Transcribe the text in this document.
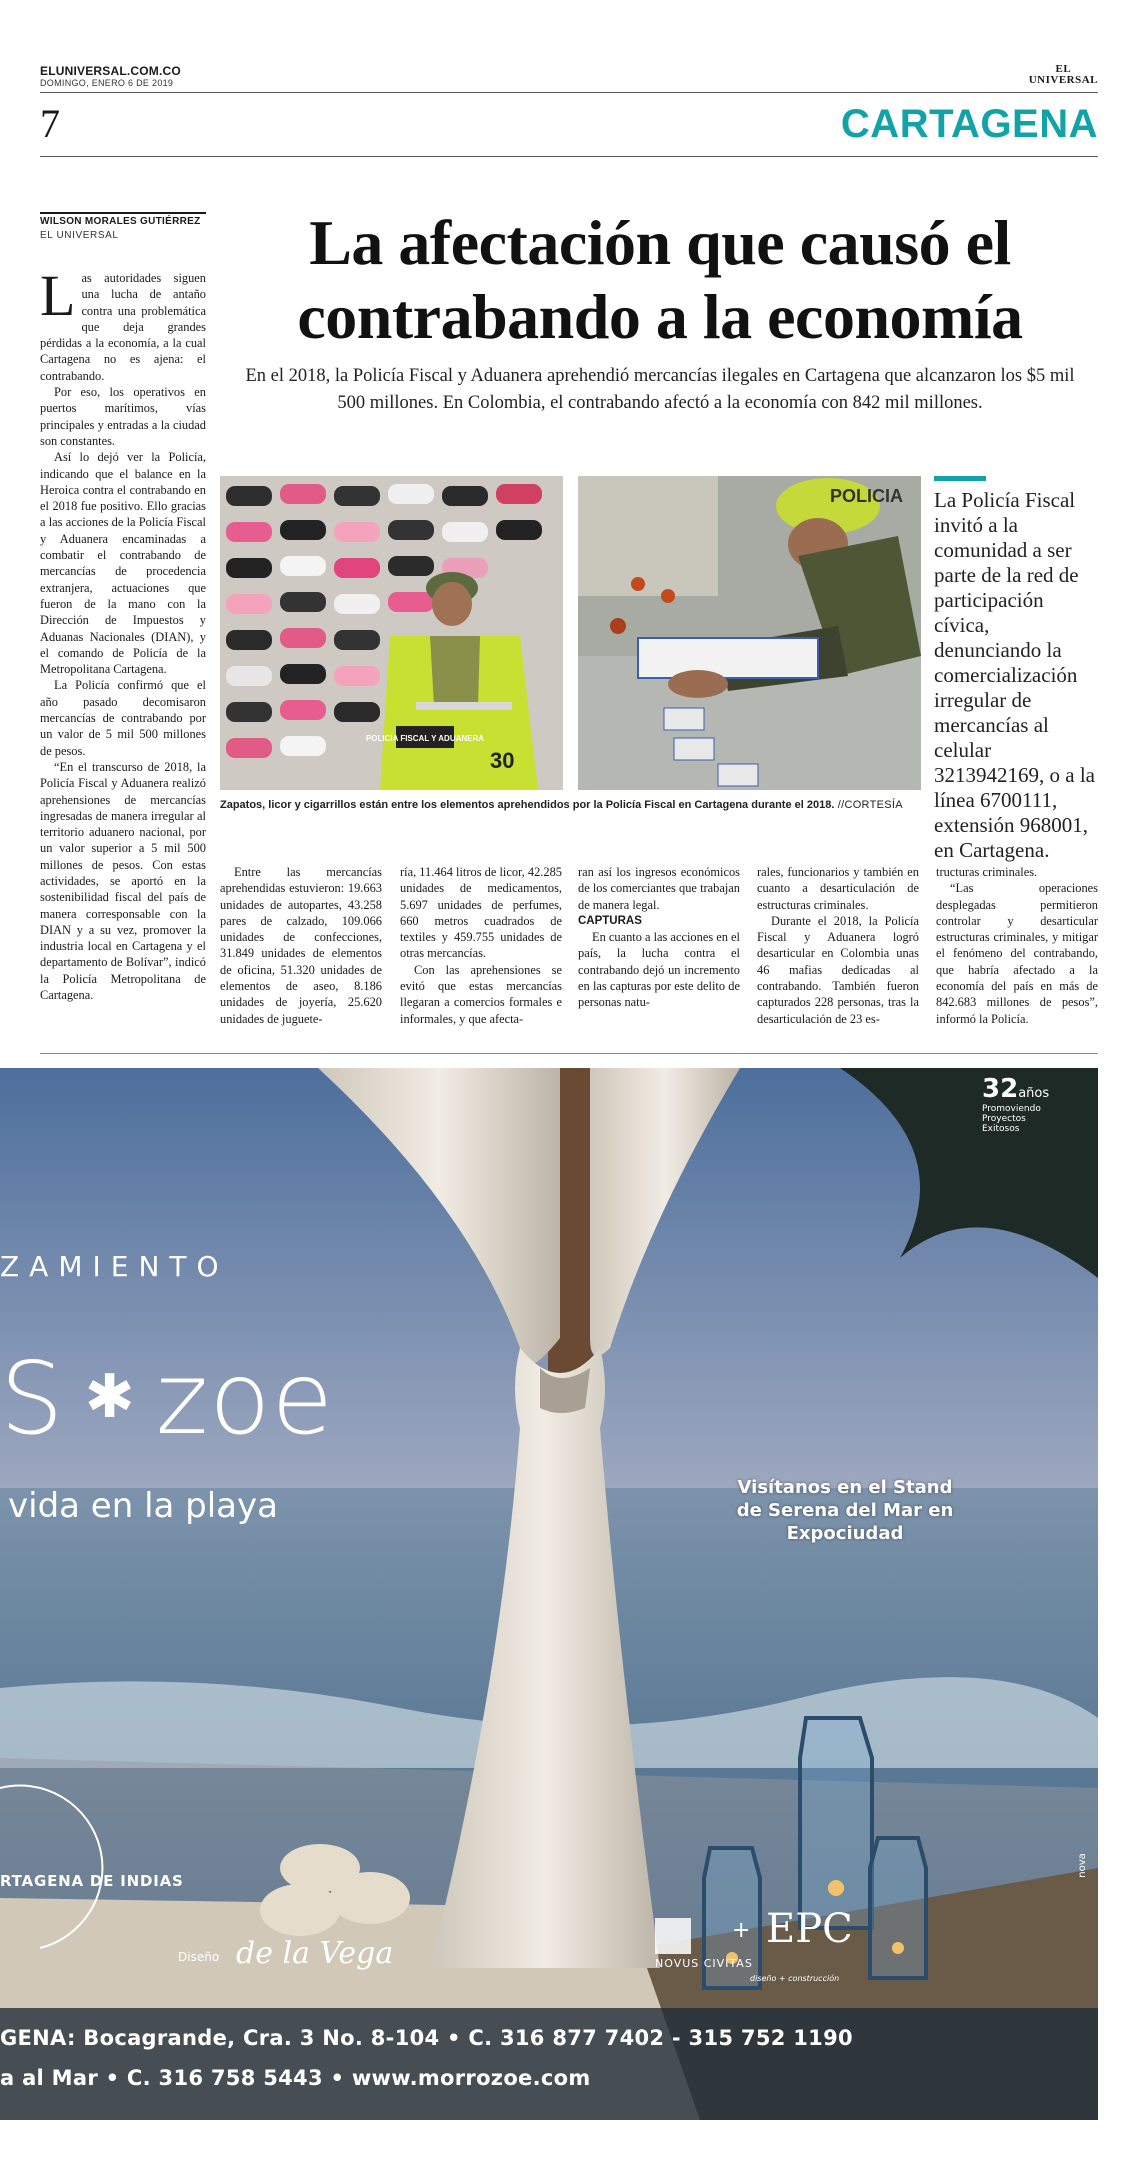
ELUNIVERSAL.COM.CO
DOMINGO, ENERO 6 DE 2019
EL
UNIVERSAL
7	CARTAGENA
WILSON MORALES GUTIÉRREZ
EL UNIVERSAL	La afectación que causó el
contrabando a la economía
En el 2018, la Policía Fiscal y Aduanera aprehendió mercancías ilegales en Cartagena que alcanzaron los $5 mil 500 millones. En Colombia, el contrabando afectó a la economía con 842 mil millones.
L as autoridades siguen una lucha de antaño contra una problemática que deja grandes pérdidas a la economía, a la cual Cartagena no es ajena: el contrabando.

Por eso, los operativos en puertos marítimos, vías principales y entradas a la ciudad son constantes.

Así lo dejó ver la Policía, indicando que el balance en la Heroica contra el contrabando en el 2018 fue positivo. Ello gracias a las acciones de la Policía Fiscal y Aduanera encaminadas a combatir el contrabando de mercancías de procedencia extranjera, actuaciones que fueron de la mano con la Dirección de Impuestos y Aduanas Nacionales (DIAN), y el comando de Policía de la Metropolitana Cartagena.

La Policía confirmó que el año pasado decomisaron mercancías de contrabando por un valor de 5 mil 500 millones de pesos.

“En el transcurso de 2018, la Policía Fiscal y Aduanera realizó aprehensiones de mercancías ingresadas de manera irregular al territorio aduanero nacional, por un valor superior a 5 mil 500 millones de pesos. Con estas actividades, se aportó en la sostenibilidad fiscal del país de manera corresponsable con la DIAN y a su vez, promover la industria local en Cartagena y el departamento de Bolívar”, indicó la Policía Metropolitana de Cartagena.

POLICIA FISCAL Y ADUANERA
30
POLICIA
Zapatos, licor y cigarrillos están entre los elementos aprehendidos por la Policía Fiscal en Cartagena durante el 2018. //CORTESÍA
La Policía Fiscal invitó a la comunidad a ser parte de la red de participación cívica, denunciando la comercialización irregular de mercancías al celular 3213942169, o a la línea 6700111, extensión 968001, en Cartagena.

Entre las mercancías aprehendidas estuvieron: 19.663 unidades de autopartes, 43.258 pares de calzado, 109.066 unidades de confecciones, 31.849 unidades de elementos de oficina, 51.320 unidades de elementos de aseo, 8.186 unidades de joyería, 25.620 unidades de juguete-

ría, 11.464 litros de licor, 42.285 unidades de medicamentos, 5.697 unidades de perfumes, 660 metros cuadrados de textiles y 459.755 unidades de otras mercancías.

Con las aprehensiones se evitó que estas mercancías llegaran a comercios formales e informales, y que afecta-

ran así los ingresos económicos de los comerciantes que trabajan de manera legal.

CAPTURAS

En cuanto a las acciones en el país, la lucha contra el contrabando dejó un incremento en las capturas por este delito de personas natu-

rales, funcionarios y también en cuanto a desarticulación de estructuras criminales.

Durante el 2018, la Policía Fiscal y Aduanera logró desarticular en Colombia unas 46 mafias dedicadas al contrabando. También fueron capturados 228 personas, tras la desarticulación de 23 es-

tructuras criminales.

“Las operaciones desplegadas permitieron controlar y desarticular estructuras criminales, y mitigar el fenómeno del contrabando, que habría afectado a la economía del país en más de 842.683 millones de pesos”, informó la Policía.

ZAMIENTO
S ✱ zoe
vida en la playa	Visítanos en el Stand de Serena del Mar en Expociudad
32años
Promoviendo
Proyectos
Exitosos
RTAGENA DE INDIAS
Diseño de la Vega	NOVUS CIVITAS
+ EPC
diseño + construcción
nova
GENA: Bocagrande, Cra. 3 No. 8-104 • C. 316 877 7402 - 315 752 1190
a al Mar • C. 316 758 5443 • www.morrozoe.com
